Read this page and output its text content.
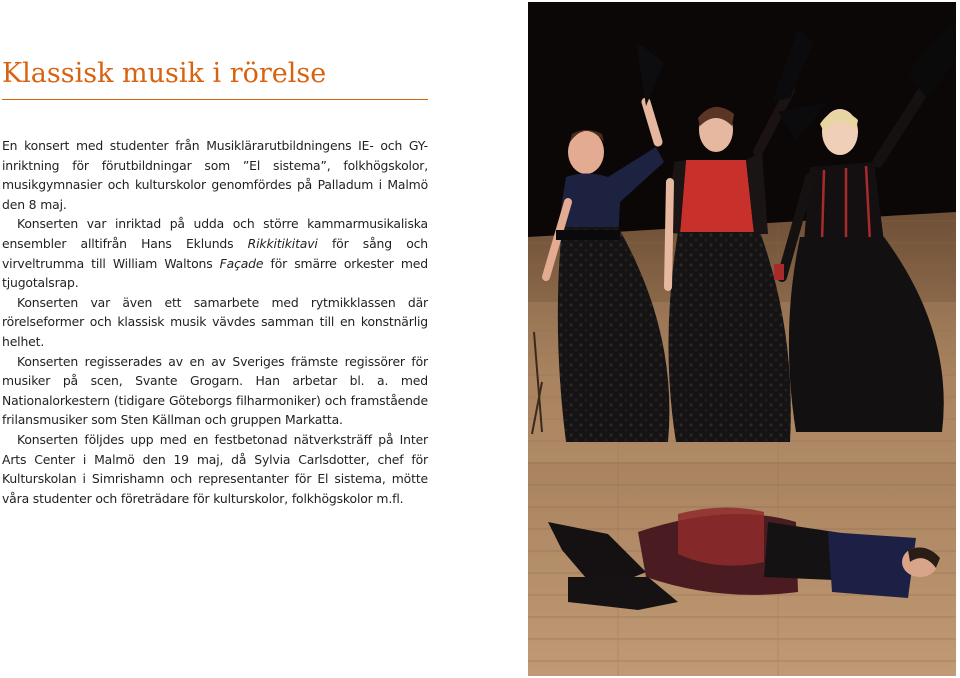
Klassisk musik i rörelse

En konsert med studenter från Musiklärarutbildningens IE- och GY-inriktning för förutbildningar som ”El sistema”, folkhögskolor, musikgymnasier och kulturskolor genomfördes på Palladum i Malmö den 8 maj.

Konserten var inriktad på udda och större kammarmusikaliska ensembler alltifrån Hans Eklunds Rikkitikitavi för sång och virveltrumma till William Waltons Façade för smärre orkester med tjugotalsrap.

Konserten var även ett samarbete med rytmikklassen där rörelseformer och klassisk musik vävdes samman till en konstnärlig helhet.

Konserten regisserades av en av Sveriges främste regissörer för musiker på scen, Svante Grogarn. Han arbetar bl. a. med Nationalorkestern (tidigare Göteborgs filharmoniker) och framstående frilansmusiker som Sten Källman och gruppen Markatta.

Konserten följdes upp med en festbetonad nätverksträff på Inter Arts Center i Malmö den 19 maj, då Sylvia Carlsdotter, chef för Kulturskolan i Simrishamn och representanter för El sistema, mötte våra studenter och företrädare för kulturskolor, folkhögskolor m.fl.
